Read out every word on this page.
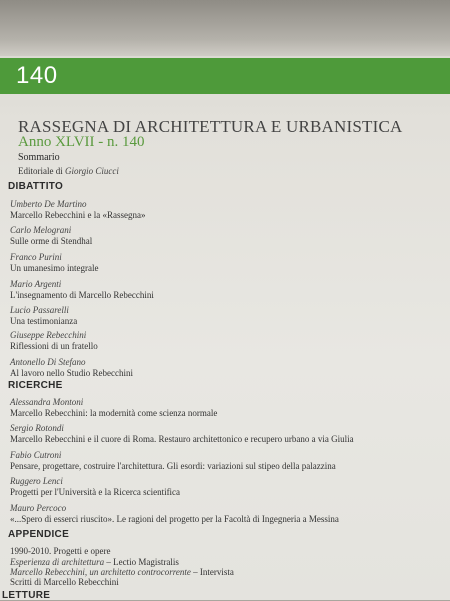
140
RASSEGNA DI ARCHITETTURA E URBANISTICA
Anno XLVII - n. 140
Sommario
Editoriale di Giorgio Ciucci
DIBATTITO
Umberto De Martino
Marcello Rebecchini e la «Rassegna»
Carlo Melograni
Sulle orme di Stendhal
Franco Purini
Un umanesimo integrale
Mario Argenti
L'insegnamento di Marcello Rebecchini
Lucio Passarelli
Una testimonianza
Giuseppe Rebecchini
Riflessioni di un fratello
Antonello Di Stefano
Al lavoro nello Studio Rebecchini
RICERCHE
Alessandra Montoni
Marcello Rebecchini: la modernità come scienza normale
Sergio Rotondi
Marcello Rebecchini e il cuore di Roma. Restauro architettonico e recupero urbano a via Giulia
Fabio Cutroni
Pensare, progettare, costruire l'architettura. Gli esordi: variazioni sul stipeo della palazzina
Ruggero Lenci
Progetti per l'Università e la Ricerca scientifica
Mauro Percoco
«...Spero di esserci riuscito». Le ragioni del progetto per la Facoltà di Ingegneria a Messina
APPENDICE
1990-2010. Progetti e opere
Esperienza di architettura – Lectio Magistralis
Marcello Rebecchini, un architetto controcorrente – Intervista
Scritti di Marcello Rebecchini
LETTURE
